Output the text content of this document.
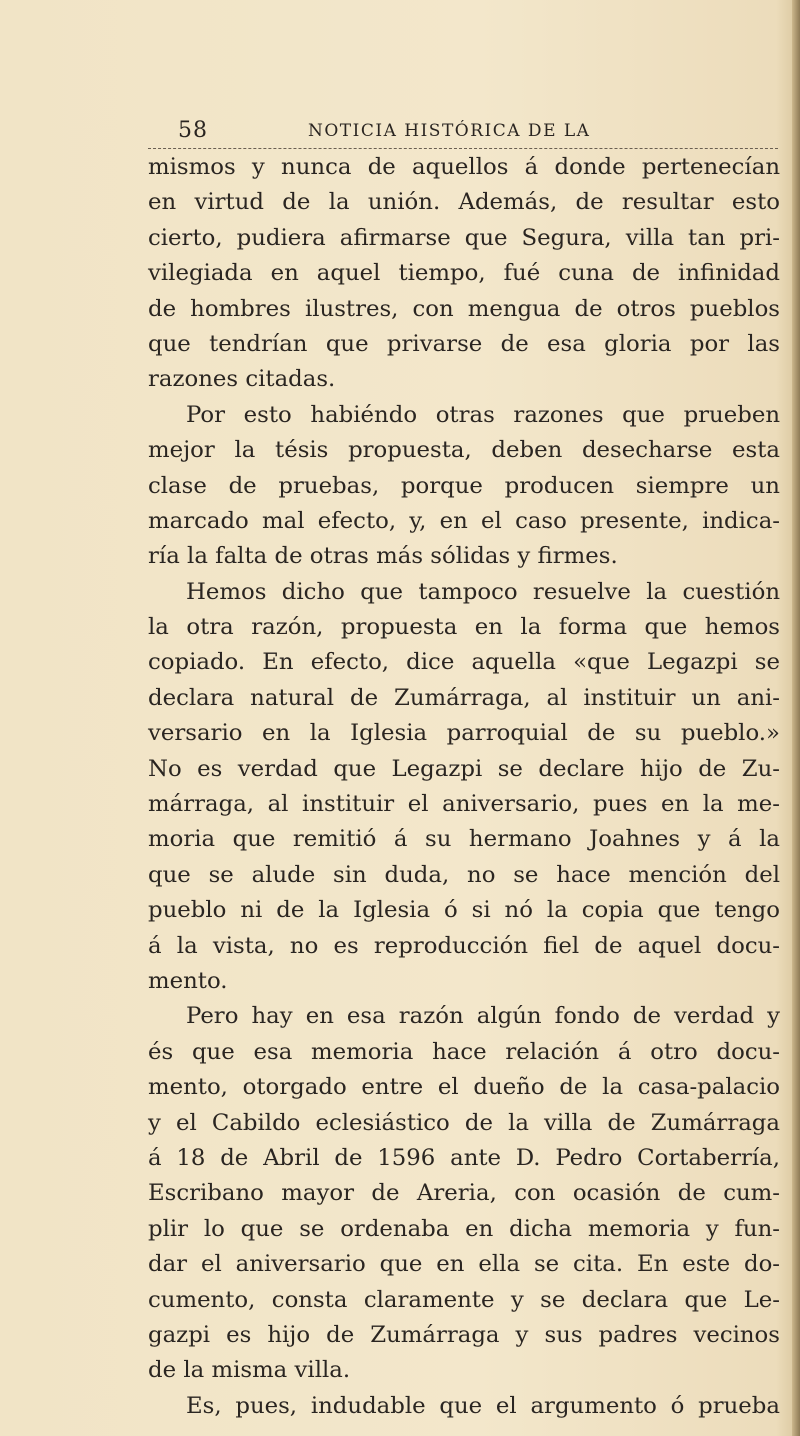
58	NOTICIA HISTÓRICA DE LA
mismos y nunca de aquellos á donde pertenecían
en virtud de la unión. Además, de resultar esto
cierto, pudiera afirmarse que Segura, villa tan pri-
vilegiada en aquel tiempo, fué cuna de infinidad
de hombres ilustres, con mengua de otros pueblos
que tendrían que privarse de esa gloria por las
razones citadas.
Por esto habiéndo otras razones que prueben
mejor la tésis propuesta, deben desecharse esta
clase de pruebas, porque producen siempre un
marcado mal efecto, y, en el caso presente, indica-
ría la falta de otras más sólidas y firmes.
Hemos dicho que tampoco resuelve la cuestión
la otra razón, propuesta en la forma que hemos
copiado. En efecto, dice aquella «que Legazpi se
declara natural de Zumárraga, al instituir un ani-
versario en la Iglesia parroquial de su pueblo.»
No es verdad que Legazpi se declare hijo de Zu-
márraga, al instituir el aniversario, pues en la me-
moria que remitió á su hermano Joahnes y á la
que se alude sin duda, no se hace mención del
pueblo ni de la Iglesia ó si nó la copia que tengo
á la vista, no es reproducción fiel de aquel docu-
mento.
Pero hay en esa razón algún fondo de verdad y
és que esa memoria hace relación á otro docu-
mento, otorgado entre el dueño de la casa-palacio
y el Cabildo eclesiástico de la villa de Zumárraga
á 18 de Abril de 1596 ante D. Pedro Cortaberría,
Escribano mayor de Areria, con ocasión de cum-
plir lo que se ordenaba en dicha memoria y fun-
dar el aniversario que en ella se cita. En este do-
cumento, consta claramente y se declara que Le-
gazpi es hijo de Zumárraga y sus padres vecinos
de la misma villa.
Es, pues, indudable que el argumento ó prueba
